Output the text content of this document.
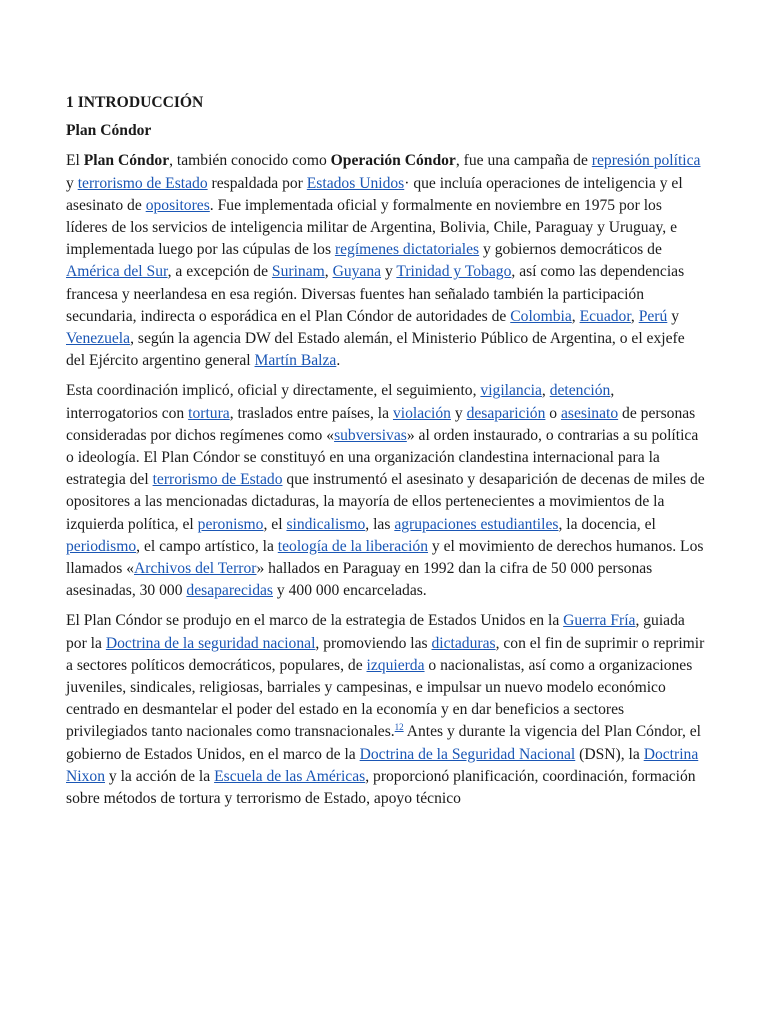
1 INTRODUCCIÓN
Plan Cóndor

El Plan Cóndor, también conocido como Operación Cóndor, fue una campaña de represión política y terrorismo de Estado respaldada por Estados Unidos· que incluía operaciones de inteligencia y el asesinato de opositores. Fue implementada oficial y formalmente en noviembre en 1975 por los líderes de los servicios de inteligencia militar de Argentina, Bolivia, Chile, Paraguay y Uruguay, e implementada luego por las cúpulas de los regímenes dictatoriales y gobiernos democráticos de América del Sur, a excepción de Surinam, Guyana y Trinidad y Tobago, así como las dependencias francesa y neerlandesa en esa región. Diversas fuentes han señalado también la participación secundaria, indirecta o esporádica en el Plan Cóndor de autoridades de Colombia, Ecuador, Perú y Venezuela, según la agencia DW del Estado alemán, el Ministerio Público de Argentina, o el exjefe del Ejército argentino general Martín Balza.

Esta coordinación implicó, oficial y directamente, el seguimiento, vigilancia, detención, interrogatorios con tortura, traslados entre países, la violación y desaparición o asesinato de personas consideradas por dichos regímenes como «subversivas» al orden instaurado, o contrarias a su política o ideología. El Plan Cóndor se constituyó en una organización clandestina internacional para la estrategia del terrorismo de Estado que instrumentó el asesinato y desaparición de decenas de miles de opositores a las mencionadas dictaduras, la mayoría de ellos pertenecientes a movimientos de la izquierda política, el peronismo, el sindicalismo, las agrupaciones estudiantiles, la docencia, el periodismo, el campo artístico, la teología de la liberación y el movimiento de derechos humanos. Los llamados «Archivos del Terror» hallados en Paraguay en 1992 dan la cifra de 50 000 personas asesinadas, 30 000 desaparecidas y 400 000 encarceladas.

El Plan Cóndor se produjo en el marco de la estrategia de Estados Unidos en la Guerra Fría, guiada por la Doctrina de la seguridad nacional, promoviendo las dictaduras, con el fin de suprimir o reprimir a sectores políticos democráticos, populares, de izquierda o nacionalistas, así como a organizaciones juveniles, sindicales, religiosas, barriales y campesinas, e impulsar un nuevo modelo económico centrado en desmantelar el poder del estado en la economía y en dar beneficios a sectores privilegiados tanto nacionales como transnacionales.$^{12}$ Antes y durante la vigencia del Plan Cóndor, el gobierno de Estados Unidos, en el marco de la Doctrina de la Seguridad Nacional (DSN), la Doctrina Nixon y la acción de la Escuela de las Américas, proporcionó planificación, coordinación, formación sobre métodos de tortura y terrorismo de Estado, apoyo técnico
